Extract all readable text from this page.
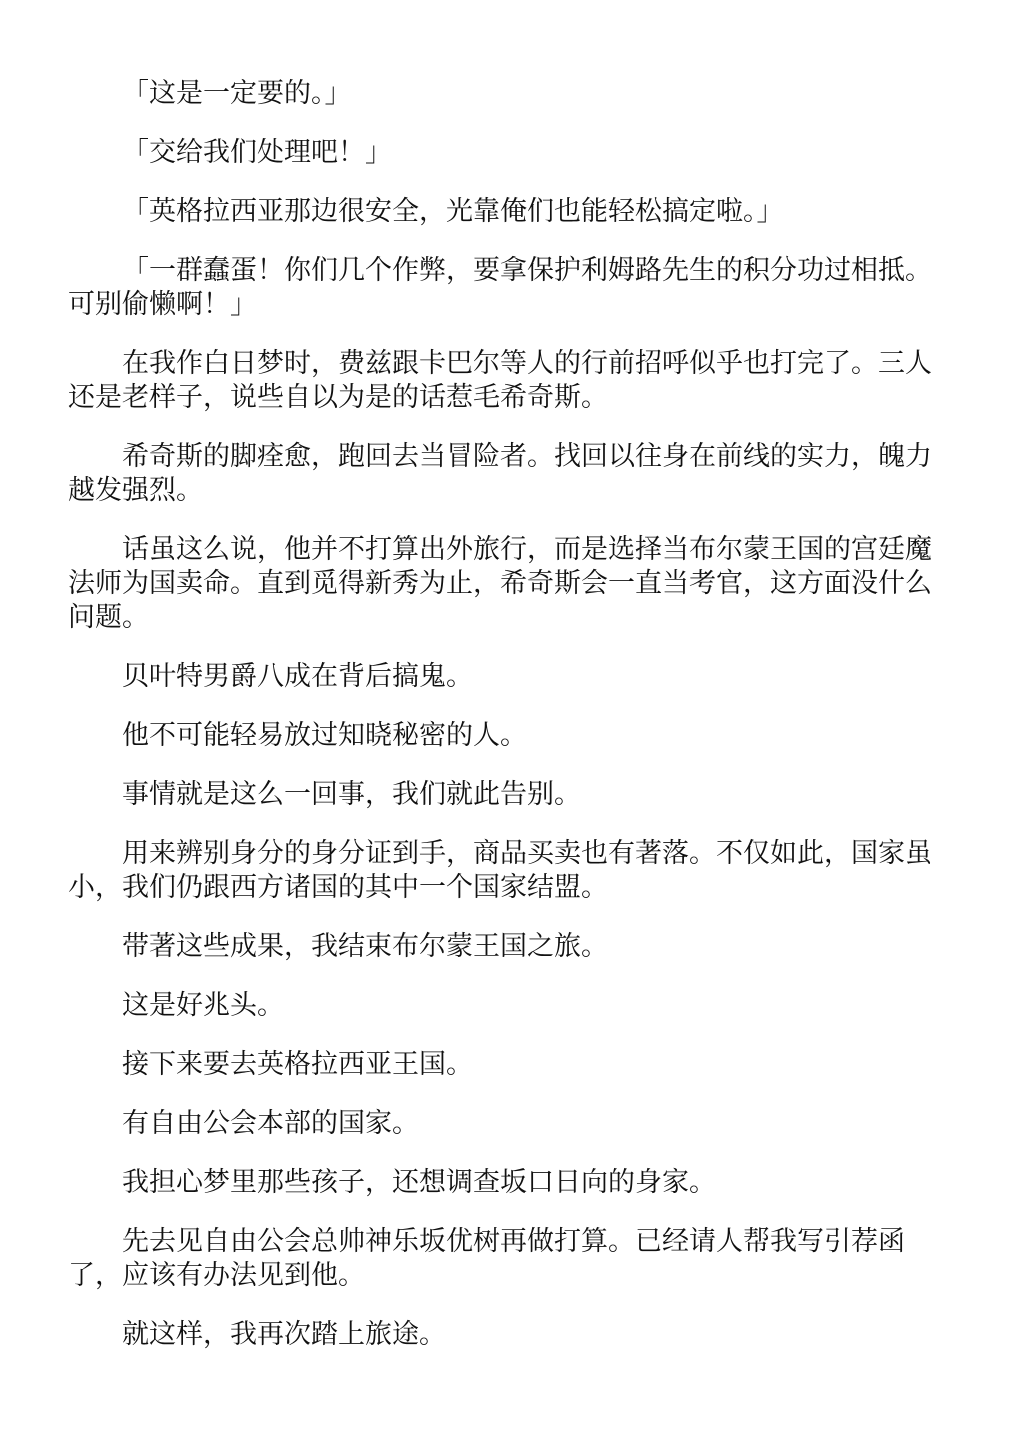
「这是一定要的。」

「交给我们处理吧！」

「英格拉西亚那边很安全，光靠俺们也能轻松搞定啦。」

「一群蠢蛋！你们几个作弊，要拿保护利姆路先生的积分功过相抵。可别偷懒啊！」

在我作白日梦时，费兹跟卡巴尔等人的行前招呼似乎也打完了。三人还是老样子，说些自以为是的话惹毛希奇斯。

希奇斯的脚痊愈，跑回去当冒险者。找回以往身在前线的实力，魄力越发强烈。

话虽这么说，他并不打算出外旅行，而是选择当布尔蒙王国的宫廷魔法师为国卖命。直到觅得新秀为止，希奇斯会一直当考官，这方面没什么问题。

贝叶特男爵八成在背后搞鬼。

他不可能轻易放过知晓秘密的人。

事情就是这么一回事，我们就此告别。

用来辨别身分的身分证到手，商品买卖也有著落。不仅如此，国家虽小，我们仍跟西方诸国的其中一个国家结盟。

带著这些成果，我结束布尔蒙王国之旅。

这是好兆头。

接下来要去英格拉西亚王国。

有自由公会本部的国家。

我担心梦里那些孩子，还想调查坂口日向的身家。

先去见自由公会总帅神乐坂优树再做打算。已经请人帮我写引荐函了，应该有办法见到他。

就这样，我再次踏上旅途。
